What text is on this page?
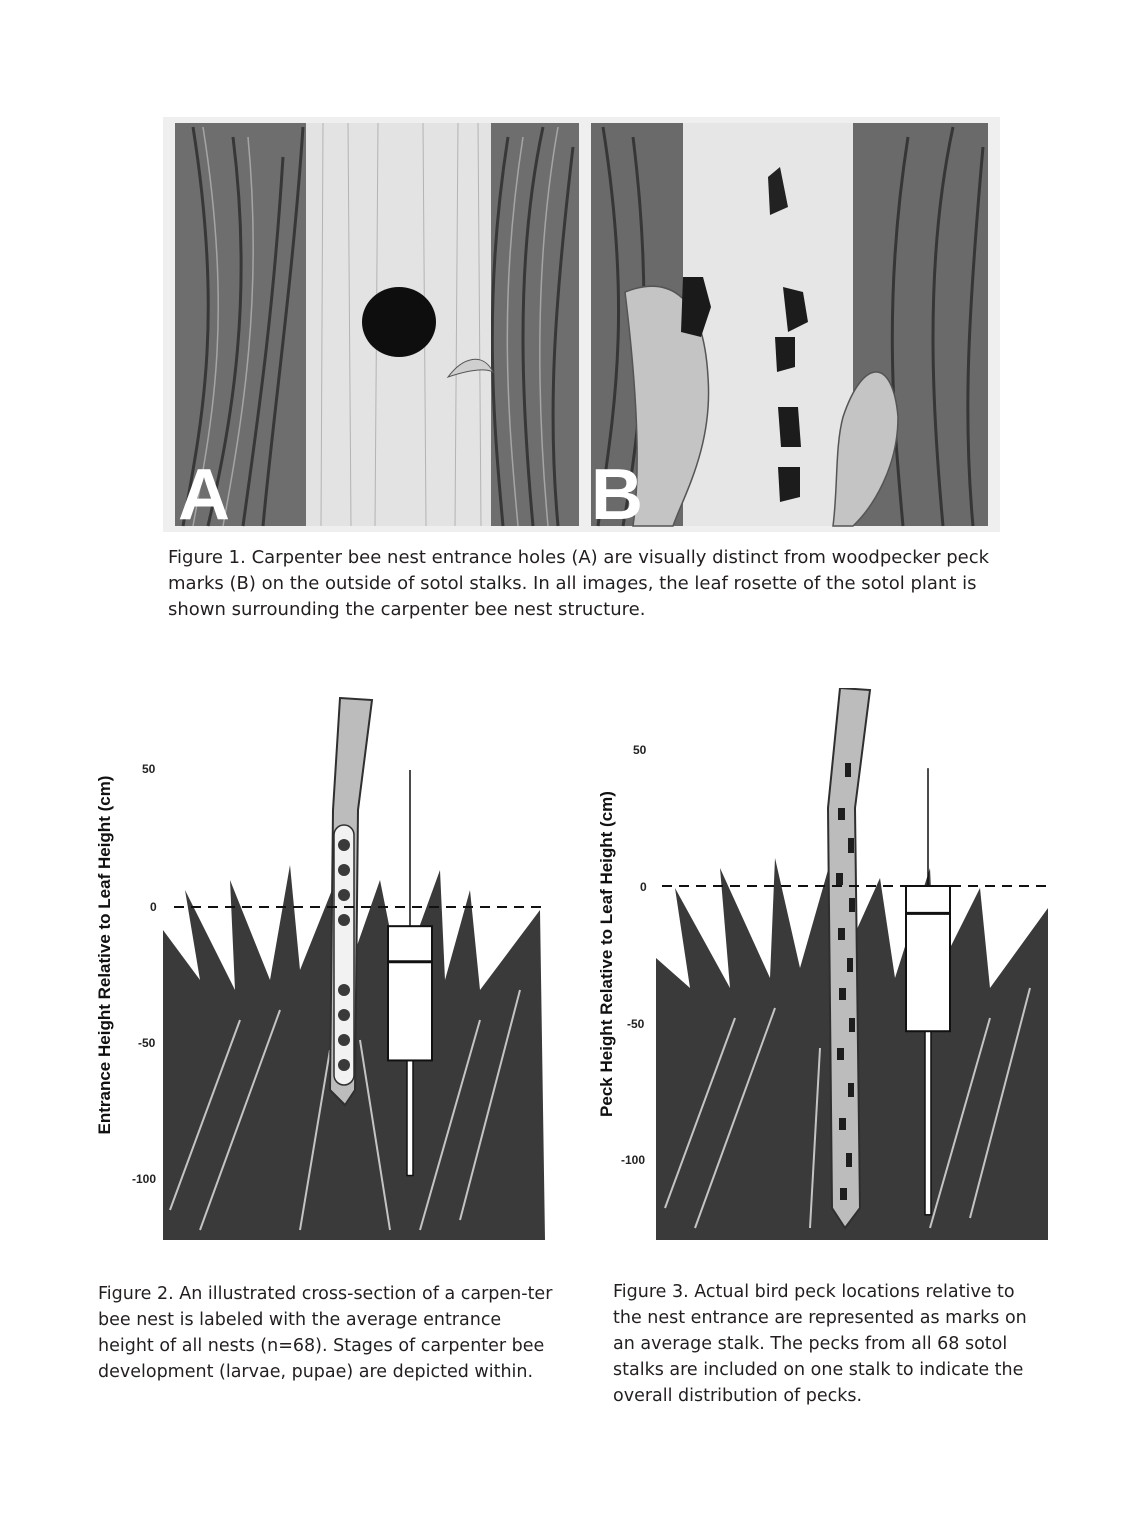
A	B
Figure 1. Carpenter bee nest entrance holes (A) are visually distinct from woodpecker peck marks (B) on the outside of sotol stalks. In all images, the leaf rosette of the sotol plant is shown surrounding the carpenter bee nest structure.
Entrance Height Relative to Leaf Height (cm)
50
0
-50
-100
Figure 2. An illustrated cross-section of a carpen-ter bee nest is labeled with the average entrance height of all nests (n=68). Stages of carpenter bee development (larvae, pupae) are depicted within.
Peck Height Relative to Leaf Height (cm)
50
0
-50
-100
Figure 3. Actual bird peck locations relative to the nest entrance are represented as marks on an average stalk. The pecks from all 68 sotol stalks are included on one stalk to indicate the overall distribution of pecks.
